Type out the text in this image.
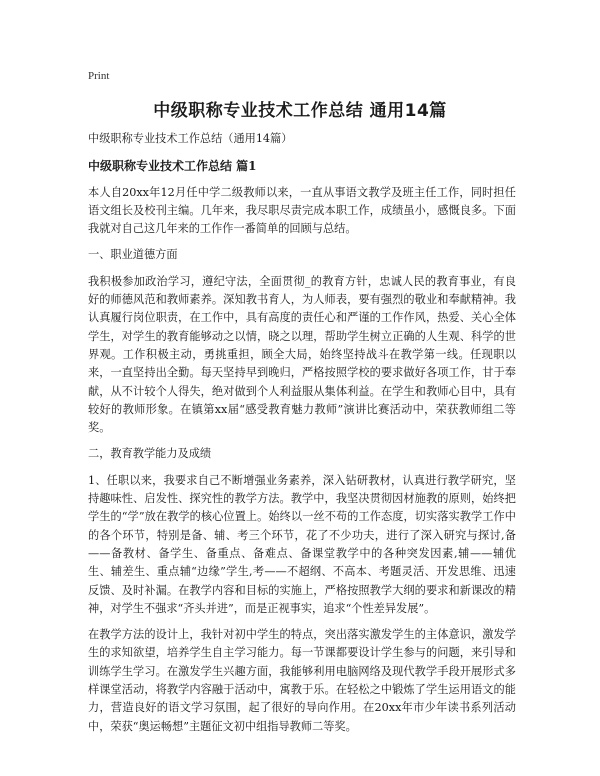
Print
中级职称专业技术工作总结 通用14篇

中级职称专业技术工作总结（通用14篇）

中级职称专业技术工作总结 篇1

本人自20xx年12月任中学二级教师以来，一直从事语文教学及班主任工作，同时担任语文组长及校刊主编。几年来，我尽职尽责完成本职工作，成绩虽小，感慨良多。下面我就对自己这几年来的工作作一番简单的回顾与总结。

一、职业道德方面

我积极参加政治学习，遵纪守法，全面贯彻_的教育方针，忠诚人民的教育事业，有良好的师德风范和教师素养。深知教书育人，为人师表，要有强烈的敬业和奉献精神。我认真履行岗位职责，在工作中，具有高度的责任心和严谨的工作作风，热爱、关心全体学生，对学生的教育能够动之以情，晓之以理，帮助学生树立正确的人生观、科学的世界观。工作积极主动，勇挑重担，顾全大局，始终坚持战斗在教学第一线。任现职以来，一直坚持出全勤。每天坚持早到晚归，严格按照学校的要求做好各项工作，甘于奉献，从不计较个人得失，绝对做到个人利益服从集体利益。在学生和教师心目中，具有较好的教师形象。在镇第xx届“感受教育魅力教师”演讲比赛活动中，荣获教师组二等奖。

二，教育教学能力及成绩

1、任职以来，我要求自己不断增强业务素养，深入钻研教材，认真进行教学研究，坚持趣味性、启发性、探究性的教学方法。教学中，我坚决贯彻因材施教的原则，始终把学生的“学”放在教学的核心位置上。始终以一丝不苟的工作态度，切实落实教学工作中的各个环节，特别是备、辅、考三个环节，花了不少功夫，进行了深入研究与探讨,备——备教材、备学生、备重点、备难点、备课堂教学中的各种突发因素,辅——辅优生、辅差生、重点辅“边缘”学生,考——不超纲、不高本、考题灵活、开发思维、迅速反馈、及时补漏。在教学内容和目标的实施上，严格按照教学大纲的要求和新课改的精神，对学生不强求“齐头并进”，而是正视事实，追求“个性差异发展”。

在教学方法的设计上，我针对初中学生的特点，突出落实激发学生的主体意识，激发学生的求知欲望，培养学生自主学习能力。每一节课都要设计学生参与的问题，来引导和训练学生学习。在激发学生兴趣方面，我能够利用电脑网络及现代教学手段开展形式多样课堂活动，将教学内容融于活动中，寓教于乐。在轻松之中锻炼了学生运用语文的能力，营造良好的语文学习氛围，起了很好的导向作用。在20xx年市少年读书系列活动中，荣获“奥运畅想”主题征文初中组指导教师二等奖。
